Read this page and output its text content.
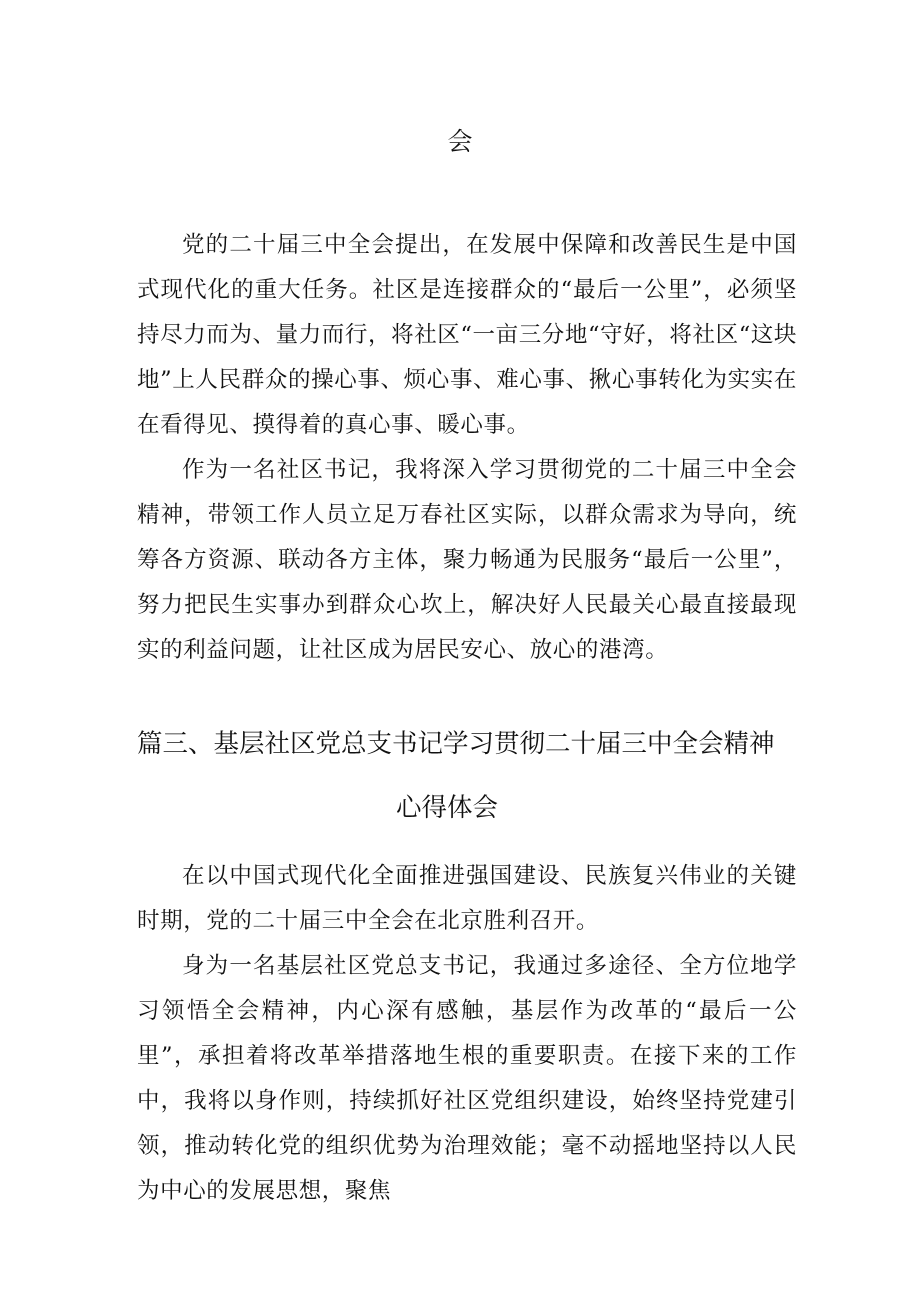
会

党的二十届三中全会提出，在发展中保障和改善民生是中国式现代化的重大任务。社区是连接群众的“最后一公里”，必须坚持尽力而为、量力而行，将社区“一亩三分地“守好，将社区“这块地”上人民群众的操心事、烦心事、难心事、揪心事转化为实实在在看得见、摸得着的真心事、暖心事。

作为一名社区书记，我将深入学习贯彻党的二十届三中全会精神，带领工作人员立足万春社区实际，以群众需求为导向，统筹各方资源、联动各方主体，聚力畅通为民服务“最后一公里”，努力把民生实事办到群众心坎上，解决好人民最关心最直接最现实的利益问题，让社区成为居民安心、放心的港湾。

篇三、基层社区党总支书记学习贯彻二十届三中全会精神
心得体会

在以中国式现代化全面推进强国建设、民族复兴伟业的关键时期，党的二十届三中全会在北京胜利召开。

身为一名基层社区党总支书记，我通过多途径、全方位地学习领悟全会精神，内心深有感触，基层作为改革的“最后一公里”，承担着将改革举措落地生根的重要职责。在接下来的工作中，我将以身作则，持续抓好社区党组织建设，始终坚持党建引领，推动转化党的组织优势为治理效能；毫不动摇地坚持以人民为中心的发展思想，聚焦
